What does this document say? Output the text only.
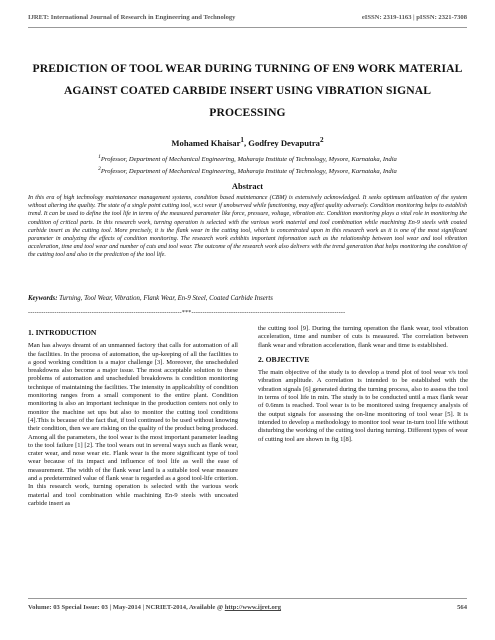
IJRET: International Journal of Research in Engineering and Technology	eISSN: 2319-1163 | pISSN: 2321-7308
PREDICTION OF TOOL WEAR DURING TURNING OF EN9 WORK MATERIAL AGAINST COATED CARBIDE INSERT USING VIBRATION SIGNAL PROCESSING
Mohamed Khaisar$^1$, Godfrey Devaputra$^2$
$^1$Professor, Department of Mechanical Engineering, Maharaja Institute of Technology, Mysore, Karnataka, India
$^2$Professor, Department of Mechanical Engineering, Maharaja Institute of Technology, Mysore, Karnataka, India
Abstract
In this era of high technology maintenance management systems, condition based maintenance (CBM) is extensively acknowledged. It seeks optimum utilization of the system without altering the quality. The state of a single point cutting tool, w.r.t wear if unobserved while functioning, may affect quality adversely. Condition monitoring helps to establish trend. It can be used to define the tool life in terms of the measured parameter like force, pressure, voltage, vibration etc. Condition monitoring plays a vital role in monitoring the condition of critical parts. In this research work, turning operation is selected with the various work material and tool combination while machining En-9 steels with coated carbide insert as the cutting tool. More precisely, it is the flank wear in the cutting tool, which is concentrated upon in this research work as it is one of the most significant parameter in analyzing the effects of condition monitoring. The research work exhibits important information such as the relationship between tool wear and tool vibration acceleration, time and tool wear and number of cuts and tool wear. The outcome of the research work also delivers with the trend generation that helps monitoring the condition of the cutting tool and also in the prediction of the tool life.
Keywords: Turning, Tool Wear, Vibration, Flank Wear, En-9 Steel, Coated Carbide Inserts
----------------------------------------------------------------------***----------------------------------------------------------------------
1. INTRODUCTION

Man has always dreamt of an unmanned factory that calls for automation of all the facilities. In the process of automation, the up-keeping of all the facilities to a good working condition is a major challenge [3]. Moreover, the unscheduled breakdowns also become a major issue. The most acceptable solution to these problems of automation and unscheduled breakdowns is condition monitoring technique of maintaining the facilities. The intensity in applicability of condition monitoring ranges from a small component to the entire plant. Condition monitoring is also an important technique in the production centers not only to monitor the machine set ups but also to monitor the cutting tool conditions [4].This is because of the fact that, if tool continued to be used without knowing their condition, then we are risking on the quality of the product being produced. Among all the parameters, the tool wear is the most important parameter leading to the tool failure [1] [2]. The tool wears out in several ways such as flank wear, crater wear, and nose wear etc. Flank wear is the more significant type of tool wear because of its impact and influence of tool life as well the ease of measurement. The width of the flank wear land is a suitable tool wear measure and a predetermined value of flank wear is regarded as a good tool-life criterion. In this research work, turning operation is selected with the various work material and tool combination while machining En-9 steels with uncoated carbide insert as

the cutting tool [9]. During the turning operation the flank wear, tool vibration acceleration, time and number of cuts is measured. The correlation between flank wear and vibration acceleration, flank wear and time is established.

2. OBJECTIVE

The main objective of the study is to develop a trend plot of tool wear v/s tool vibration amplitude. A correlation is intended to be established with the vibration signals [6] generated during the turning process, also to assess the tool in terms of tool life in min. The study is to be conducted until a max flank wear of 0.6mm is reached. Tool wear is to be monitored using frequency analysis of the output signals for assessing the on-line monitoring of tool wear [5]. It is intended to develop a methodology to monitor tool wear in-turn tool life without disturbing the working of the cutting tool during turning. Different types of wear of cutting tool are shown in fig 1[8].

Volume: 03 Special Issue: 03 | May-2014 | NCRIET-2014, Available @ http://www.ijret.org	564
